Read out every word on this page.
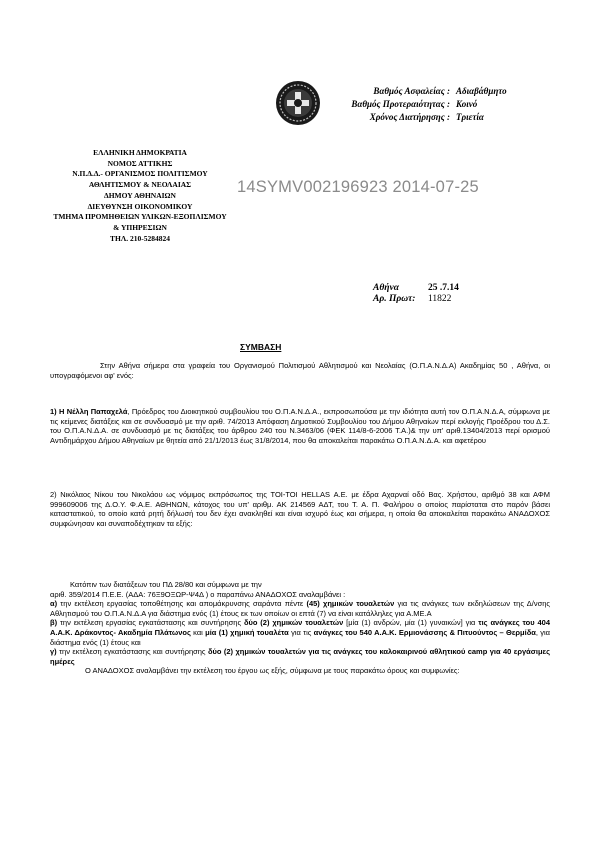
Βαθμός Ασφαλείας : Αδιαβάθμητο
Βαθμός Προτεραιότητας : Κοινό
Χρόνος Διατήρησης : Τριετία
ΕΛΛΗΝΙΚΗ ΔΗΜΟΚΡΑΤΙΑ
ΝΟΜΟΣ ΑΤΤΙΚΗΣ
Ν.Π.Δ.Δ.- ΟΡΓΑΝΙΣΜΟΣ ΠΟΛΙΤΙΣΜΟΥ
ΑΘΛΗΤΙΣΜΟΥ & ΝΕΟΛΑΙΑΣ
ΔΗΜΟΥ ΑΘΗΝΑΙΩΝ
ΔΙΕΥΘΥΝΣΗ ΟΙΚΟΝΟΜΙΚΟΥ
ΤΜΗΜΑ ΠΡΟΜΗΘΕΙΩΝ ΥΛΙΚΩΝ-ΕΞΟΠΛΙΣΜΟΥ
& ΥΠΗΡΕΣΙΩΝ
ΤΗΛ. 210-5284824
14SYMV002196923 2014-07-25
Αθήνα	25 .7.14
Αρ. Πρωτ:	11822
ΣΥΜΒΑΣΗ
Στην Αθήνα σήμερα στα γραφεία του Οργανισμού Πολιτισμού Αθλητισμού και Νεολαίας (Ο.Π.Α.Ν.Δ.Α) Ακαδημίας 50 , Αθήνα, οι υπογραφόμενοι αφ' ενός:
1) Η Νέλλη Παπαχελά, Πρόεδρος του Διοικητικού συμβουλίου του Ο.Π.Α.Ν.Δ.Α., εκπροσωπούσα με την ιδιότητα αυτή τον Ο.Π.Α.Ν.Δ.Α, σύμφωνα με τις κείμενες διατάξεις και σε συνδυασμό με την αριθ. 74/2013 Απόφαση Δημοτικού Συμβουλίου του Δήμου Αθηναίων περί εκλογής Προέδρου του Δ.Σ. του Ο.Π.Α.Ν.Δ.Α. σε συνδυασμό με τις διατάξεις του άρθρου 240 του Ν.3463/06 (ΦΕΚ 114/8-6-2006 Τ.Α.)& την υπ' αριθ.13404/2013 περί ορισμού Αντιδημάρχου Δήμου Αθηναίων με θητεία από 21/1/2013 έως 31/8/2014, που θα αποκαλείται παρακάτω Ο.Π.Α.Ν.Δ.Α. και αφετέρου
2) Νικόλαος Νίκου του Νικολάου ως νόμιμος εκπρόσωπος της TOI-TOI HELLAS Α.Ε. με έδρα Αχαρναί οδό Βας. Χρήστου, αριθμό 38 και ΑΦΜ 999609006 της Δ.Ο.Υ. Φ.Α.Ε. ΑΘΗΝΩΝ, κάτοχος του υπ' αριθμ. ΑΚ 214569 ΑΔΤ, του Τ. Α. Π. Φαλήρου ο οποίος παρίσταται στο παρόν βάσει καταστατικού, το οποίο κατά ρητή δήλωσή του δεν έχει ανακληθεί και είναι ισχυρό έως και σήμερα, η οποία θα αποκαλείται παρακάτω ΑΝΑΔΟΧΟΣ συμφώνησαν και συναποδέχτηκαν τα εξής:
Κατόπιν των διατάξεων του ΠΔ 28/80 και σύμφωνα με την
αριθ. 359/2014 Π.Ε.Ε. (ΑΔΑ: 76Ξ9ΟΞΩΡ-Ψ4Δ ) ο παραπάνω ΑΝΑΔΟΧΟΣ αναλαμβάνει :
α) την εκτέλεση εργασίας τοποθέτησης και απομάκρυνσης σαράντα πέντε (45) χημικών τουαλετών για τις ανάγκες των εκδηλώσεων της Δ/νσης Αθλητισμού του Ο.Π.Α.Ν.Δ.Α για διάστημα ενός (1) έτους εκ των οποίων οι επτά (7) να είναι κατάλληλες για Α.ΜΕ.Α
β) την εκτέλεση εργασίας εγκατάστασης και συντήρησης δύο (2) χημικών τουαλετών [μία (1) ανδρών, μία (1) γυναικών] για τις ανάγκες του 404 Α.Α.Κ. Δράκοντος- Ακαδημία Πλάτωνος και μία (1) χημική τουαλέτα για τις ανάγκες του 540 Α.Α.Κ. Ερμιονάσσης & Πιτυούντος – Θερμίδα, για διάστημα ενός (1) έτους και
γ) την εκτέλεση εγκατάστασης και συντήρησης δύο (2) χημικών τουαλετών για τις ανάγκες του καλοκαιρινού αθλητικού camp για 40 εργάσιμες ημέρες
Ο ΑΝΑΔΟΧΟΣ αναλαμβάνει την εκτέλεση του έργου ως εξής, σύμφωνα με τους παρακάτω όρους και συμφωνίες:
